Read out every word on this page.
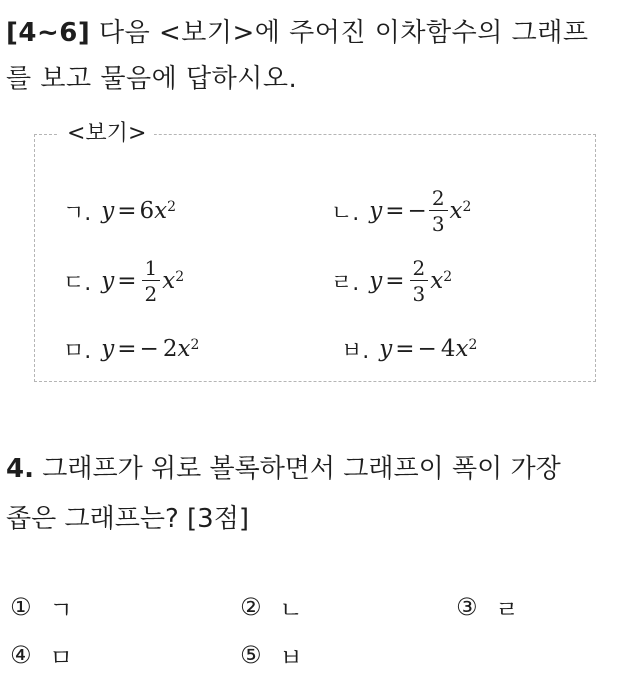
[4~6] 다음 <보기>에 주어진 이차함수의 그래프
를 보고 물음에 답하시오.
<보기>
ㄱ. y = 6 $x^2$	ㄴ. y = − $\frac{2}{3} x^2$
ㄷ. $y = \frac{1}{2} x^2$	ㄹ. $y = \frac{2}{3} x^2$
ㅁ. y = − 2 $x^2$	ㅂ. y = − 4 $x^2$
4. 그래프가 위로 볼록하면서 그래프이 폭이 가장
좁은 그래프는? [3점]
① ㄱ	② ㄴ	③ ㄹ
④ ㅁ	⑤ ㅂ
